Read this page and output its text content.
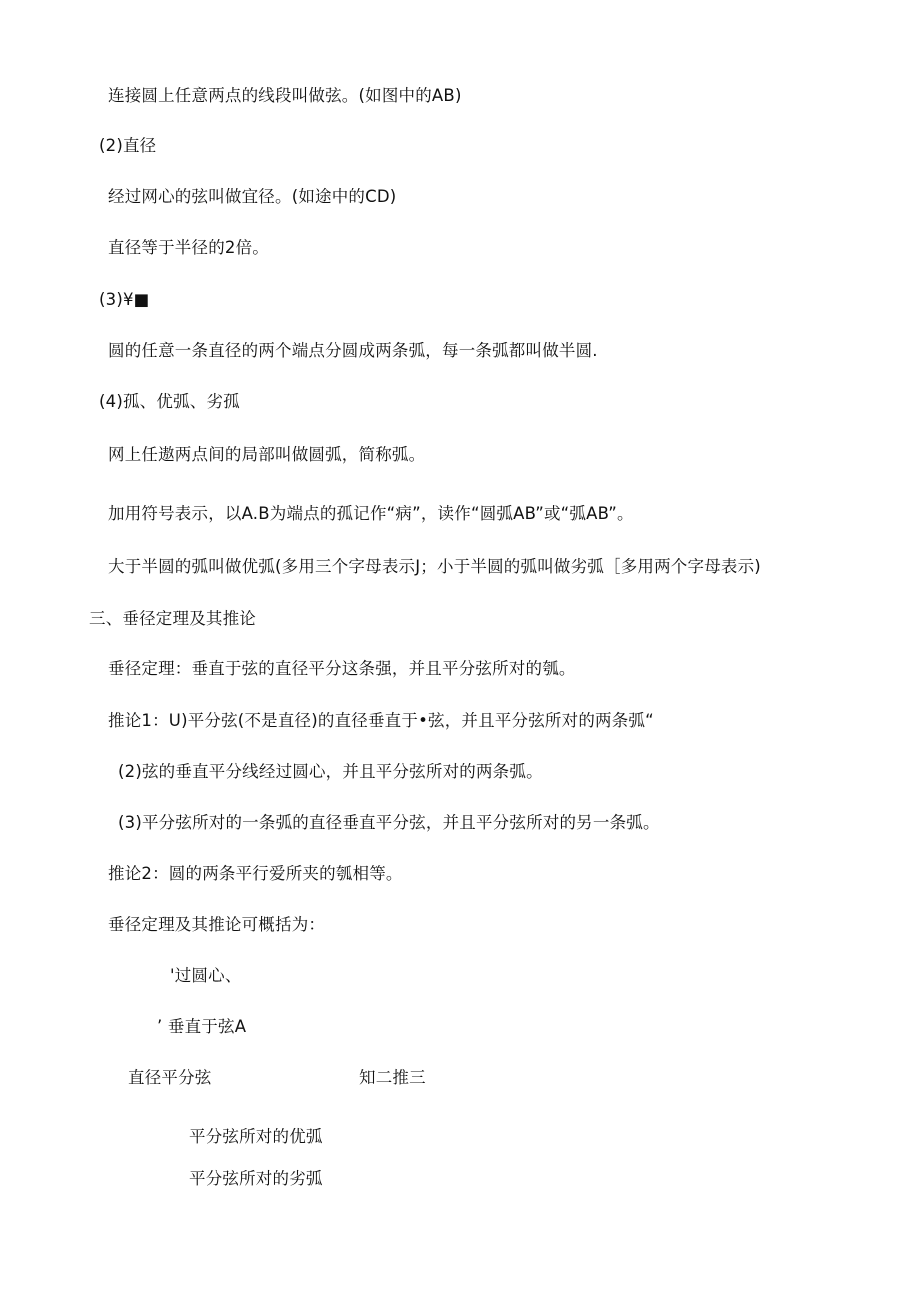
连接圆上任意两点的线段叫做弦。(如图中的AB)
(2)直径
经过网心的弦叫做宜径。(如途中的CD)
直径等于半径的2倍。
(3)¥■
圆的任意一条直径的两个端点分圆成两条弧，每一条弧都叫做半圆.
(4)孤、优弧、劣孤
网上任遨两点间的局部叫做圆弧，简称弧。
加用符号表示，以A.B为端点的孤记作“病”，读作“圆弧AB”或“弧AB”。
大于半圆的弧叫做优弧(多用三个字母表示J；小于半圆的弧叫做劣弧［多用两个字母表示)
三、垂径定理及其推论
垂径定理：垂直于弦的直径平分这条强，并且平分弦所对的瓠。
推论1：U)平分弦(不是直径)的直径垂直于•弦，并且平分弦所对的两条弧“
(2)弦的垂直平分线经过圆心，并且平分弦所对的两条弧。
(3)平分弦所对的一条弧的直径垂直平分弦，并且平分弦所对的另一条弧。
推论2：圆的两条平行爱所夹的瓠相等。
垂径定理及其推论可概括为：
'过圆心、
’ 垂直于弦A
直径平分弦	知二推三
平分弦所对的优弧
平分弦所对的劣弧
